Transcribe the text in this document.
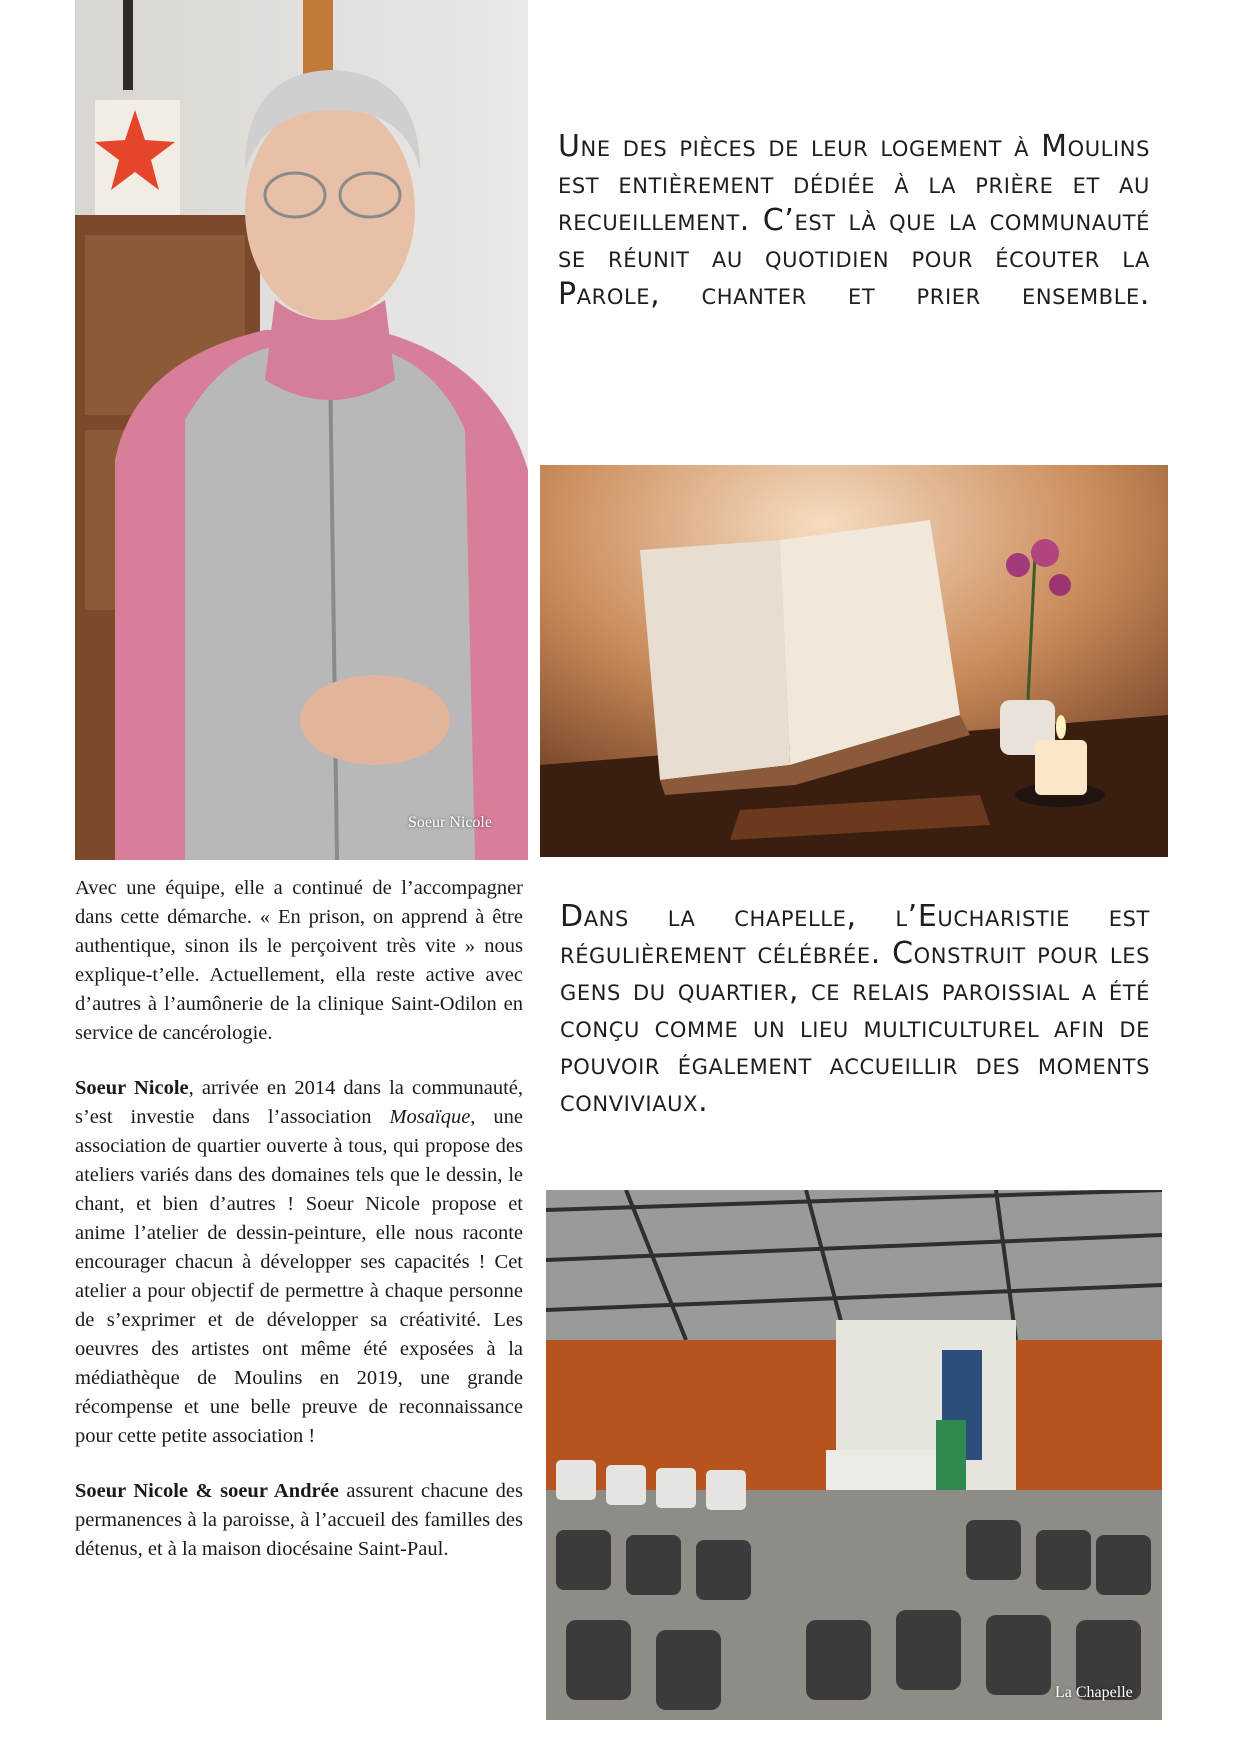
Soeur Nicole
Une des pièces de leur logement à Moulins est entièrement dédiée à la prière et au recueillement. C’est là que la communauté se réunit au quotidien pour écouter la Parole, chanter et prier ensemble.
Dans la chapelle, l’Eucharistie est régulièrement célébrée. Construit pour les gens du quartier, ce relais paroissial a été conçu comme un lieu multiculturel afin de pouvoir également accueillir des moments conviviaux.

Avec une équipe, elle a continué de l’accompagner dans cette démarche. « En prison, on apprend à être authentique, sinon ils le perçoivent très vite » nous explique-t’elle. Actuellement, ella reste active avec d’autres à l’aumônerie de la clinique Saint-Odilon en service de cancérologie.

Soeur Nicole, arrivée en 2014 dans la communauté, s’est investie dans l’association Mosaïque, une association de quartier ouverte à tous, qui propose des ateliers variés dans des domaines tels que le dessin, le chant, et bien d’autres ! Soeur Nicole propose et anime l’atelier de dessin-peinture, elle nous raconte encourager chacun à développer ses capacités ! Cet atelier a pour objectif de permettre à chaque personne de s’exprimer et de développer sa créativité. Les oeuvres des artistes ont même été exposées à la médiathèque de Moulins en 2019, une grande récompense et une belle preuve de reconnaissance pour cette petite association !

Soeur Nicole & soeur Andrée assurent chacune des permanences à la paroisse, à l’accueil des familles des détenus, et à la maison diocésaine Saint-Paul.

La Chapelle
